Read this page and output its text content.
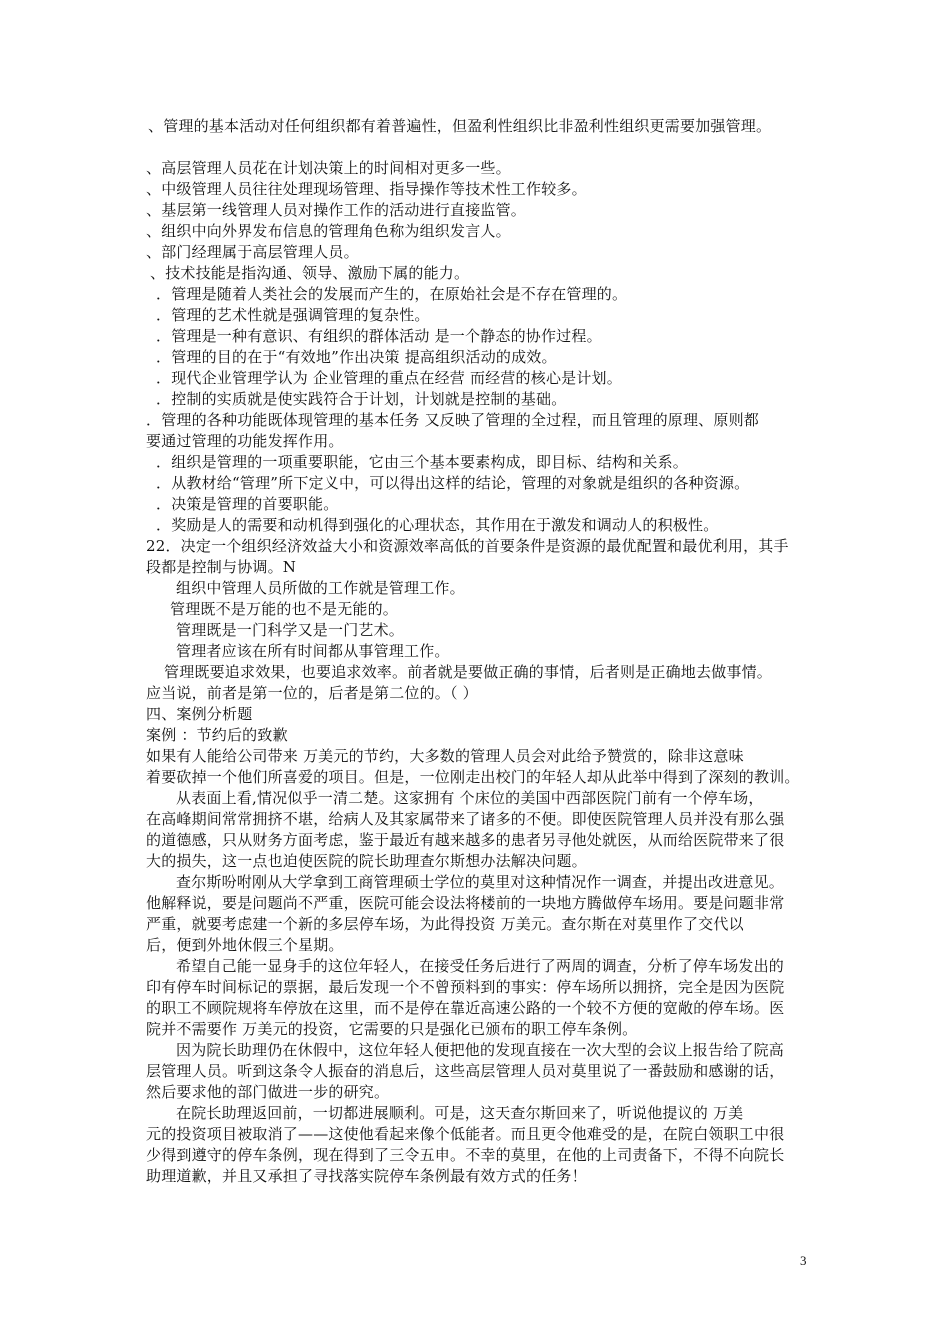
、管理的基本活动对任何组织都有着普遍性，但盈利性组织比非盈利性组织更需要加强管理。
、高层管理人员花在计划决策上的时间相对更多一些。
、中级管理人员往往处理现场管理、指导操作等技术性工作较多。
、基层第一线管理人员对操作工作的活动进行直接监管。
、组织中向外界发布信息的管理角色称为组织发言人。
、部门经理属于高层管理人员。
、技术技能是指沟通、领导、激励下属的能力。
．管理是随着人类社会的发展而产生的，在原始社会是不存在管理的。
．管理的艺术性就是强调管理的复杂性。
．管理是一种有意识、有组织的群体活动 是一个静态的协作过程。
．管理的目的在于“有效地”作出决策 提高组织活动的成效。
．现代企业管理学认为 企业管理的重点在经营 而经营的核心是计划。
．控制的实质就是使实践符合于计划，计划就是控制的基础。
．管理的各种功能既体现管理的基本任务 又反映了管理的全过程，而且管理的原理、原则都
要通过管理的功能发挥作用。
．组织是管理的一项重要职能，它由三个基本要素构成，即目标、结构和关系。
．从教材给“管理”所下定义中，可以得出这样的结论，管理的对象就是组织的各种资源。
．决策是管理的首要职能。
．奖励是人的需要和动机得到强化的心理状态，其作用在于激发和调动人的积极性。
22．决定一个组织经济效益大小和资源效率高低的首要条件是资源的最优配置和最优利用，其手
段都是控制与协调。N
组织中管理人员所做的工作就是管理工作。
管理既不是万能的也不是无能的。
管理既是一门科学又是一门艺术。
管理者应该在所有时间都从事管理工作。
管理既要追求效果，也要追求效率。前者就是要做正确的事情，后者则是正确地去做事情。
应当说，前者是第一位的，后者是第二位的。（ ）
四、案例分析题
案例 ：节约后的致歉
如果有人能给公司带来 万美元的节约，大多数的管理人员会对此给予赞赏的，除非这意味
着要砍掉一个他们所喜爱的项目。但是，一位刚走出校门的年轻人却从此举中得到了深刻的教训。
从表面上看,情况似乎一清二楚。这家拥有 个床位的美国中西部医院门前有一个停车场，
在高峰期间常常拥挤不堪，给病人及其家属带来了诸多的不便。即使医院管理人员并没有那么强
的道德感，只从财务方面考虑，鉴于最近有越来越多的患者另寻他处就医，从而给医院带来了很
大的损失，这一点也迫使医院的院长助理查尔斯想办法解决问题。
查尔斯吩咐刚从大学拿到工商管理硕士学位的莫里对这种情况作一调查，并提出改进意见。
他解释说，要是问题尚不严重，医院可能会设法将楼前的一块地方腾做停车场用。要是问题非常
严重，就要考虑建一个新的多层停车场，为此得投资 万美元。查尔斯在对莫里作了交代以
后，便到外地休假三个星期。
希望自己能一显身手的这位年轻人，在接受任务后进行了两周的调查，分析了停车场发出的
印有停车时间标记的票据，最后发现一个不曾预料到的事实：停车场所以拥挤，完全是因为医院
的职工不顾院规将车停放在这里，而不是停在靠近高速公路的一个较不方便的宽敞的停车场。医
院并不需要作 万美元的投资，它需要的只是强化已颁布的职工停车条例。
因为院长助理仍在休假中，这位年轻人便把他的发现直接在一次大型的会议上报告给了院高
层管理人员。听到这条令人振奋的消息后，这些高层管理人员对莫里说了一番鼓励和感谢的话，
然后要求他的部门做进一步的研究。
在院长助理返回前，一切都进展顺利。可是，这天查尔斯回来了，听说他提议的 万美
元的投资项目被取消了——这使他看起来像个低能者。而且更令他难受的是，在院白领职工中很
少得到遵守的停车条例，现在得到了三令五申。不幸的莫里，在他的上司责备下，不得不向院长
助理道歉，并且又承担了寻找落实院停车条例最有效方式的任务！
3
